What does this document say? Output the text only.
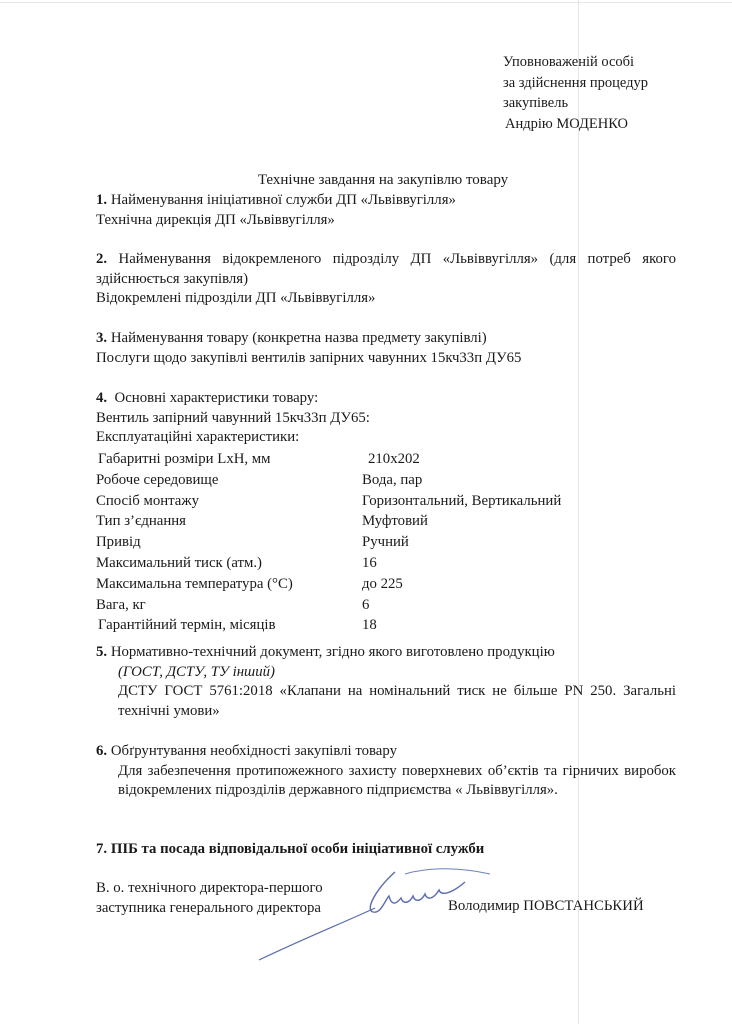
Уповноваженій особі
за здійснення процедур
закупівель
Андрію МОДЕНКО
Технічне завдання на закупівлю товару
1. Найменування ініціативної служби ДП «Львіввугілля»
Технічна дирекція ДП «Львіввугілля»
2. Найменування відокремленого підрозділу ДП «Львіввугілля» (для потреб якого здійснюється закупівля)
Відокремлені підрозділи ДП «Львіввугілля»
3. Найменування товару (конкретна назва предмету закупівлі)
Послуги щодо закупівлі вентилів запірних чавунних 15кч33п ДУ65
4. Основні характеристики товару:
Вентиль запірний чавунний 15кч33п ДУ65:
Експлуатаційні характеристики:
Габаритні розміри LxH, мм	210x202
Робоче середовище	Вода, пар
Спосіб монтажу	Горизонтальний, Вертикальний
Тип з’єднання	Муфтовий
Привід	Ручний
Максимальний тиск (атм.)	16
Максимальна температура (°С)	до 225
Вага, кг	6
Гарантійний термін, місяців	18
5. Нормативно-технічний документ, згідно якого виготовлено продукцію
(ГОСТ, ДСТУ, ТУ інший)
ДСТУ ГОСТ 5761:2018 «Клапани на номінальний тиск не більше PN 250. Загальні технічні умови»
6. Обґрунтування необхідності закупівлі товару
Для забезпечення протипожежного захисту поверхневих об’єктів та гірничих виробок відокремлених підрозділів державного підприємства « Львіввугілля».
7. ПІБ та посада відповідальної особи ініціативної служби
В. о. технічного директора-першого
заступника генерального директора	Володимир ПОВСТАНСЬКИЙ
